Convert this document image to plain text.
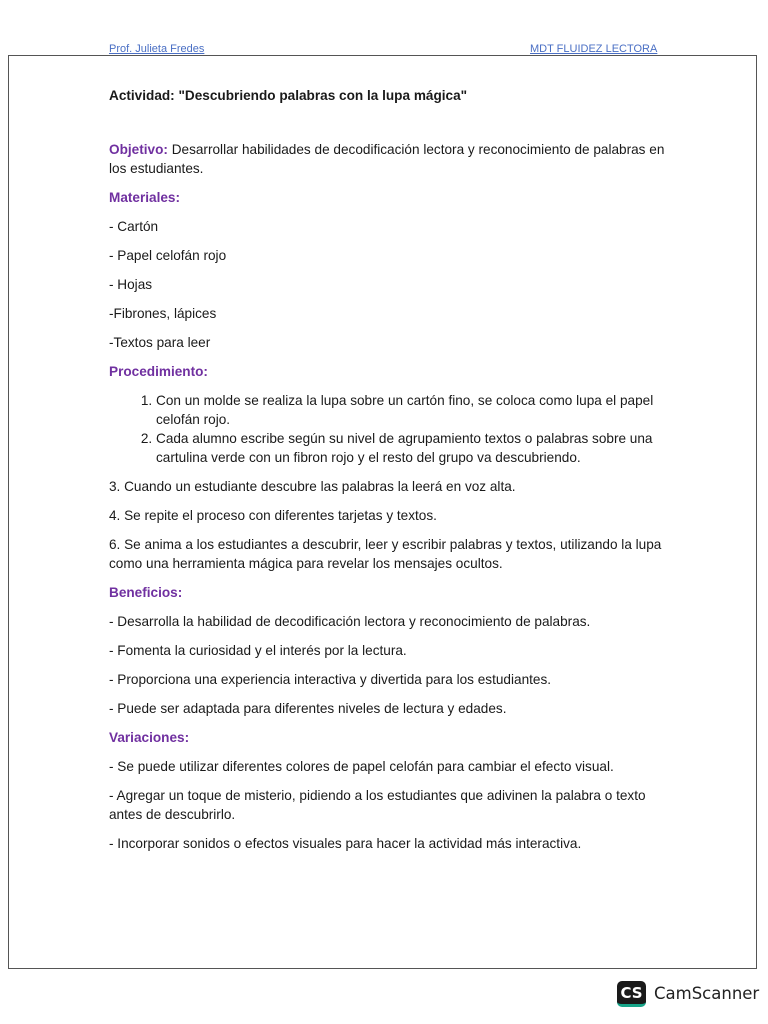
Prof. Julieta Fredes	MDT FLUIDEZ LECTORA

Actividad: "Descubriendo palabras con la lupa mágica"

Objetivo: Desarrollar habilidades de decodificación lectora y reconocimiento de palabras en los estudiantes.

Materiales:

- Cartón

- Papel celofán rojo

- Hojas

-Fibrones, lápices

-Textos para leer

Procedimiento:

1. Con un molde se realiza la lupa sobre un cartón fino, se coloca como lupa el papel celofán rojo.
2. Cada alumno escribe según su nivel de agrupamiento textos o palabras sobre una cartulina verde con un fibron rojo y el resto del grupo va descubriendo.

3. Cuando un estudiante descubre las palabras la leerá en voz alta.

4. Se repite el proceso con diferentes tarjetas y textos.

6. Se anima a los estudiantes a descubrir, leer y escribir palabras y textos, utilizando la lupa como una herramienta mágica para revelar los mensajes ocultos.

Beneficios:

- Desarrolla la habilidad de decodificación lectora y reconocimiento de palabras.

- Fomenta la curiosidad y el interés por la lectura.

- Proporciona una experiencia interactiva y divertida para los estudiantes.

- Puede ser adaptada para diferentes niveles de lectura y edades.

Variaciones:

- Se puede utilizar diferentes colores de papel celofán para cambiar el efecto visual.

- Agregar un toque de misterio, pidiendo a los estudiantes que adivinen la palabra o texto antes de descubrirlo.

- Incorporar sonidos o efectos visuales para hacer la actividad más interactiva.

CS CamScanner
